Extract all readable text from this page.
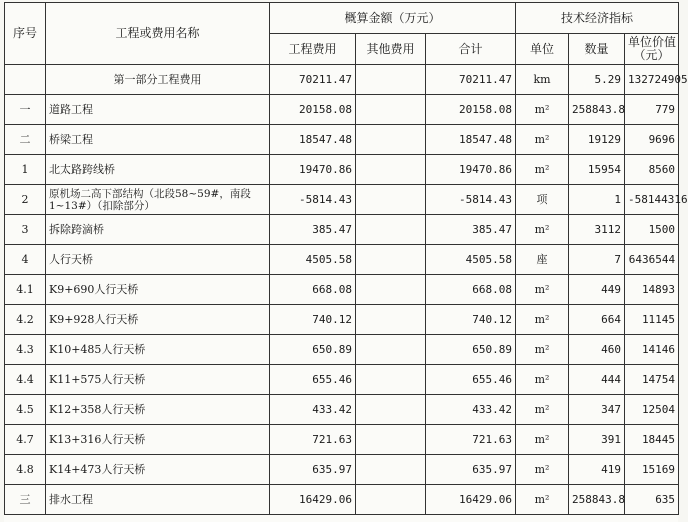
序号	工程或费用名称	概算金额（万元）			技术经济指标		
		工程费用	其他费用	合计	单位	数量	单位价值
（元）

	第一部分工程费用	70211.47		70211.47	km	5.29	132724905
一	道路工程	20158.08		20158.08	m²	258843.8	779
二	桥梁工程	18547.48		18547.48	m²	19129	9696
1	北太路跨线桥	19470.86		19470.86	m²	15954	8560
2	原机场二高下部结构（北段58~59#，南段1~13#）（扣除部分）	-5814.43		-5814.43	项	1	-58144316
3	拆除跨滴桥	385.47		385.47	m²	3112	1500
4	人行天桥	4505.58		4505.58	座	7	6436544
4.1	K9+690人行天桥	668.08		668.08	m²	449	14893
4.2	K9+928人行天桥	740.12		740.12	m²	664	11145
4.3	K10+485人行天桥	650.89		650.89	m²	460	14146
4.4	K11+575人行天桥	655.46		655.46	m²	444	14754
4.5	K12+358人行天桥	433.42		433.42	m²	347	12504
4.7	K13+316人行天桥	721.63		721.63	m²	391	18445
4.8	K14+473人行天桥	635.97		635.97	m²	419	15169
三	排水工程	16429.06		16429.06	m²	258843.8	635
